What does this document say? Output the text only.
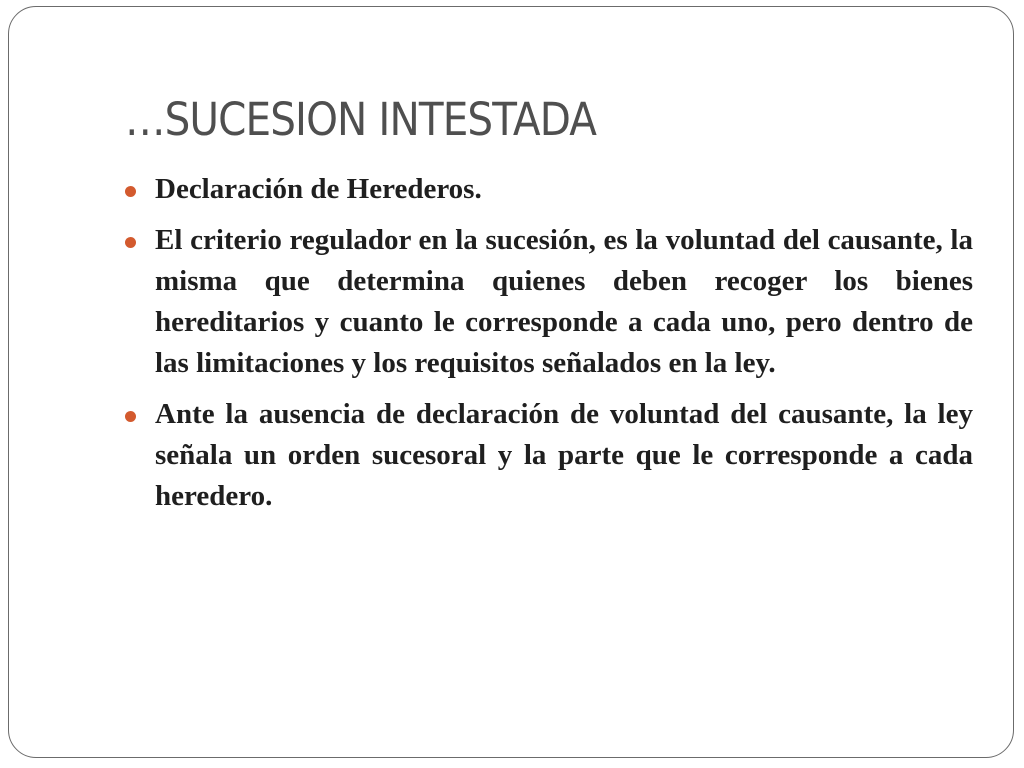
…SUCESION INTESTADA
Declaración de Herederos.
El criterio regulador en la sucesión, es la voluntad del causante, la misma que determina quienes deben recoger los bienes hereditarios y cuanto le corresponde a cada uno, pero dentro de las limitaciones y los requisitos señalados en la ley.
Ante la ausencia de declaración de voluntad del causante, la ley señala un orden sucesoral y la parte que le corresponde a cada heredero.
